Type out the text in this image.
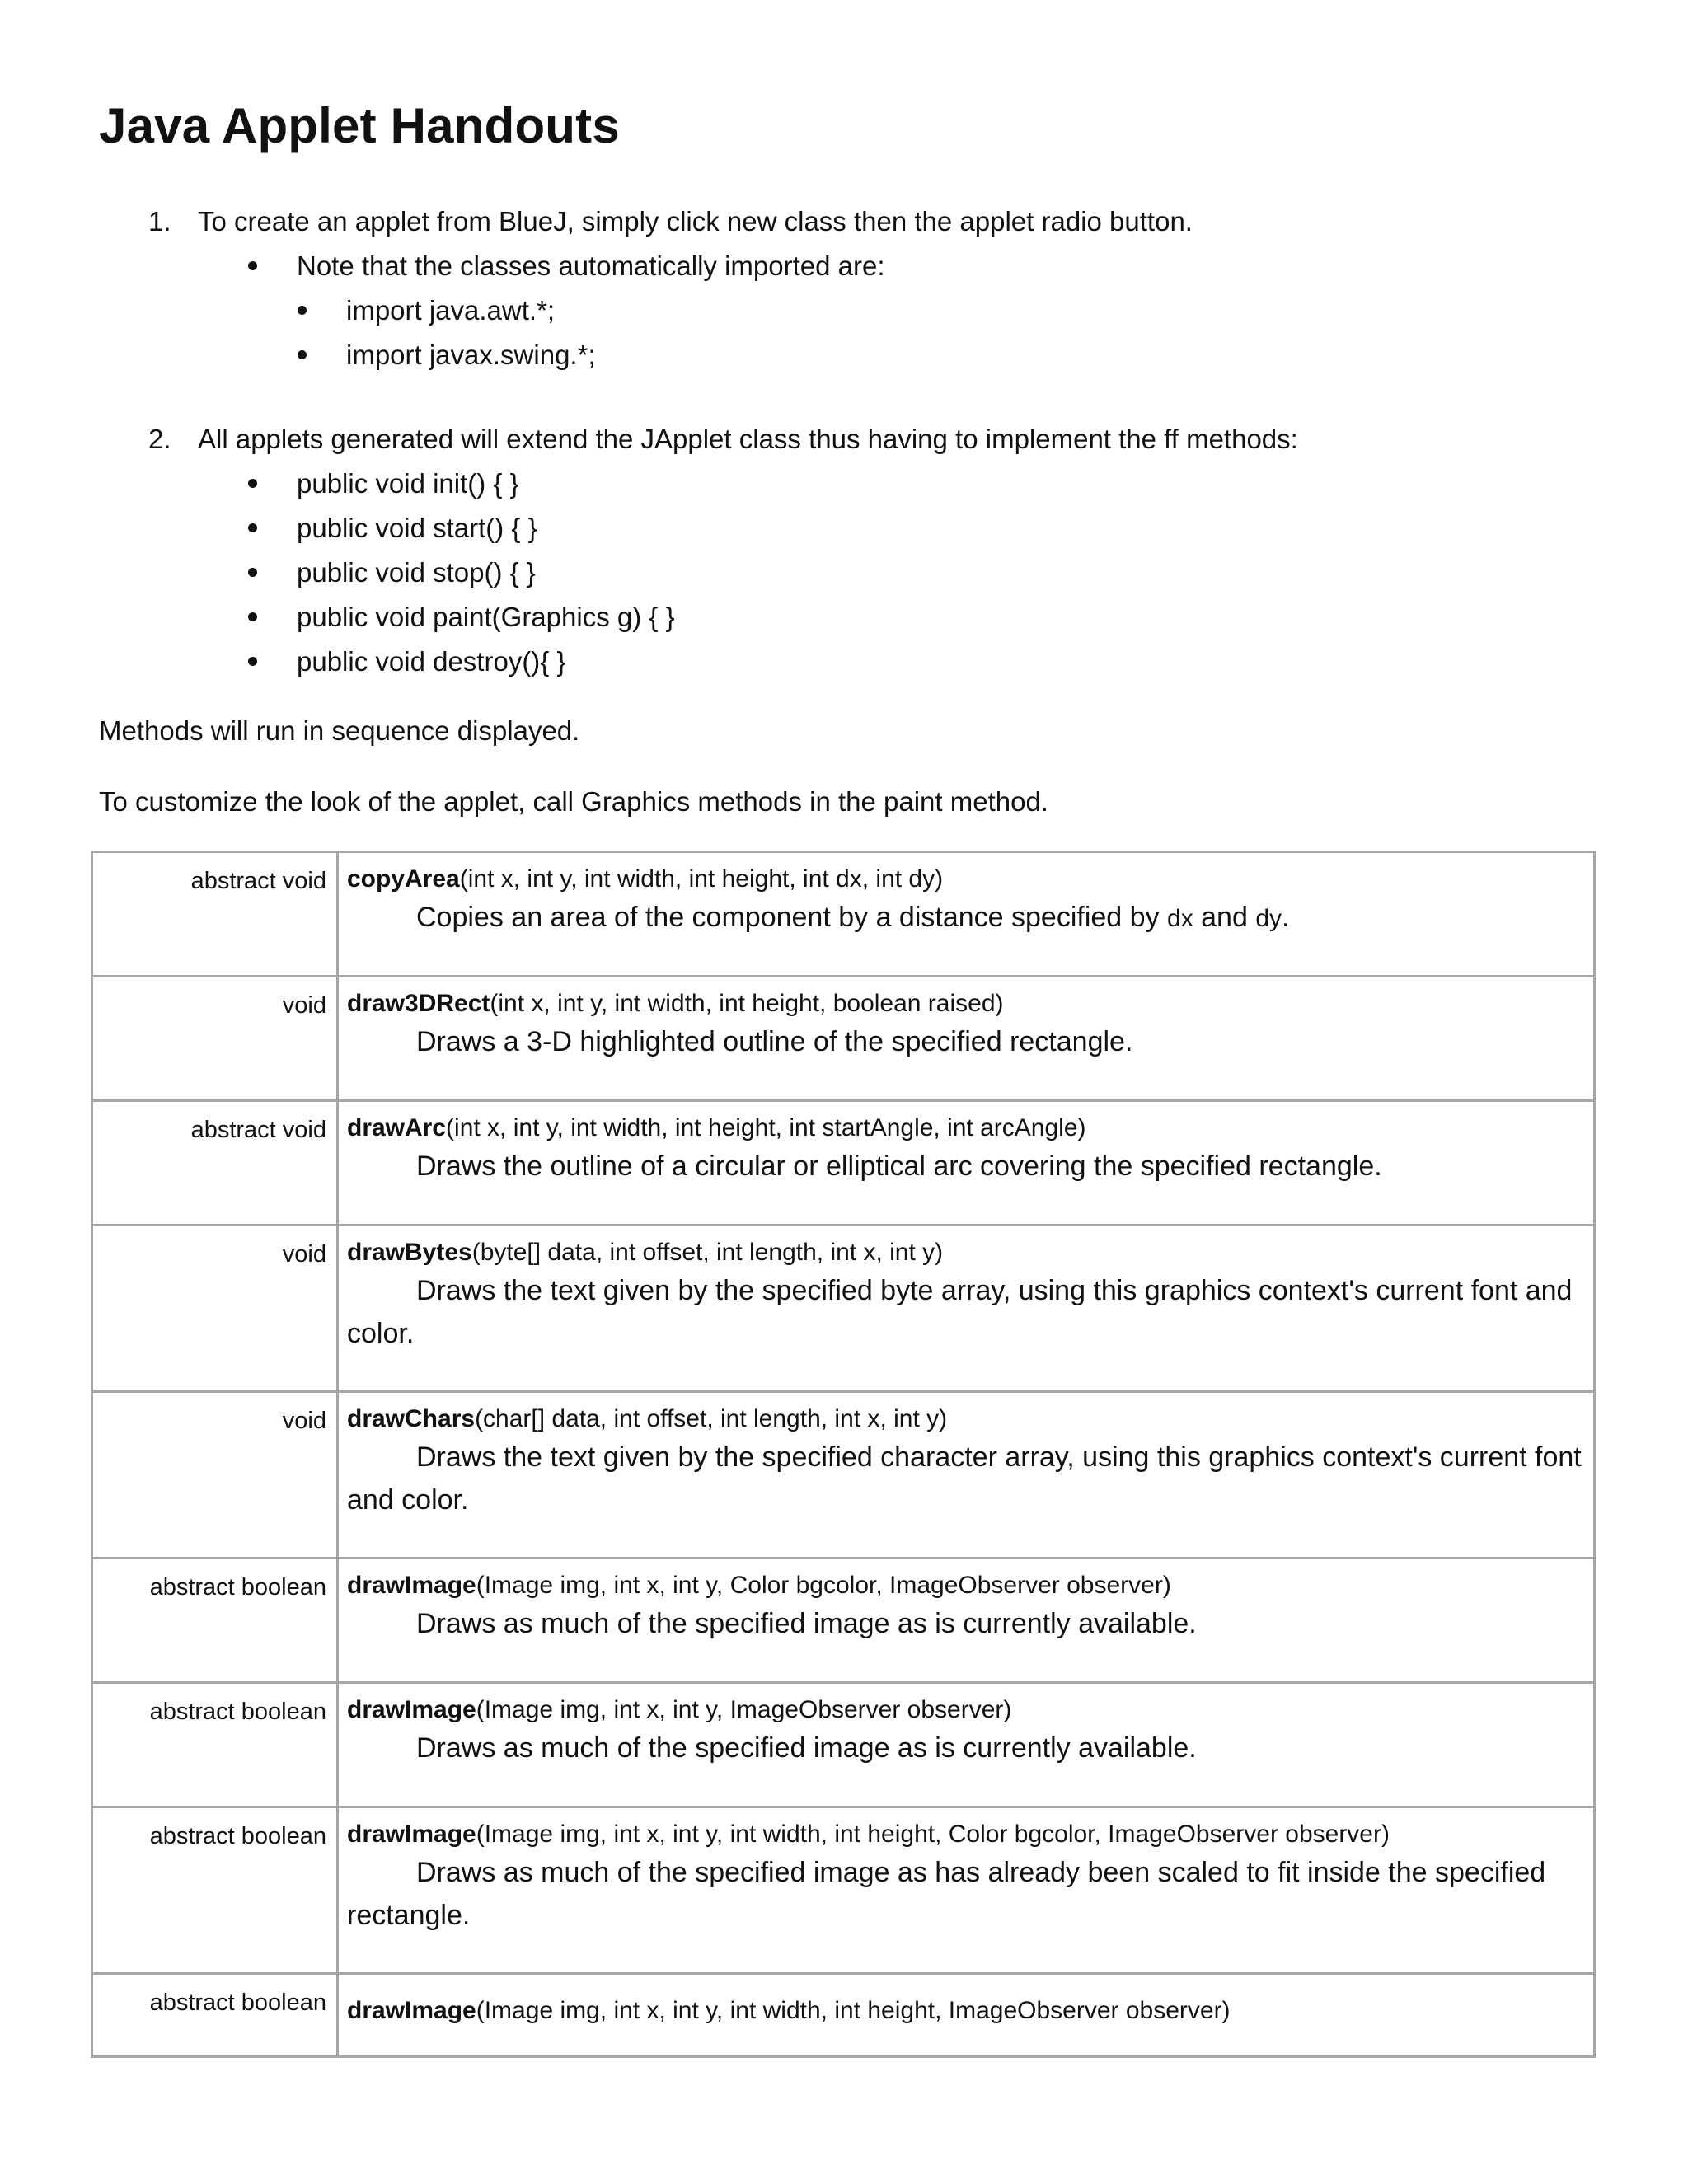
Java Applet Handouts
1. To create an applet from BlueJ, simply click new class then the applet radio button.
Note that the classes automatically imported are:
import java.awt.*;
import javax.swing.*;
2. All applets generated will extend the JApplet class thus having to implement the ff methods:
public void init() { }
public void start() { }
public void stop() { }
public void paint(Graphics g) { }
public void destroy(){ }
Methods will run in sequence displayed.
To customize the look of the applet, call Graphics methods in the paint method.
abstract void	copyArea(int x, int y, int width, int height, int dx, int dy)
Copies an area of the component by a distance specified by dx and dy.

void	draw3DRect(int x, int y, int width, int height, boolean raised)
Draws a 3-D highlighted outline of the specified rectangle.

abstract void	drawArc(int x, int y, int width, int height, int startAngle, int arcAngle)
Draws the outline of a circular or elliptical arc covering the specified rectangle.

void	drawBytes(byte[] data, int offset, int length, int x, int y)
Draws the text given by the specified byte array, using this graphics context's current font and color.

void	drawChars(char[] data, int offset, int length, int x, int y)
Draws the text given by the specified character array, using this graphics context's current font and color.

abstract boolean	drawImage(Image img, int x, int y, Color bgcolor, ImageObserver observer)
Draws as much of the specified image as is currently available.

abstract boolean	drawImage(Image img, int x, int y, ImageObserver observer)
Draws as much of the specified image as is currently available.

abstract boolean	drawImage(Image img, int x, int y, int width, int height, Color bgcolor, ImageObserver observer)
Draws as much of the specified image as has already been scaled to fit inside the specified rectangle.

abstract boolean	drawImage(Image img, int x, int y, int width, int height, ImageObserver observer)
